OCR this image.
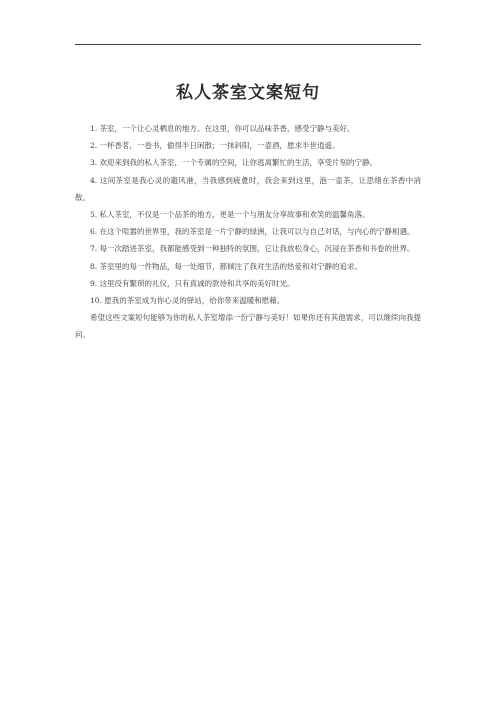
私人茶室文案短句

1. 茶室，一个让心灵栖息的地方。在这里，你可以品味茶香，感受宁静与美好。

2. 一杯香茗，一卷书，偷得半日闲散；一抹斜阳，一壶酒，愿求半世逍遥。

3. 欢迎来到我的私人茶室，一个专属的空间，让你逃离繁忙的生活，享受片刻的宁静。

4. 这间茶室是我心灵的避风港，当我感到疲惫时，我会来到这里，泡一壶茶，让思绪在茶香中消散。

5. 私人茶室，不仅是一个品茶的地方，更是一个与朋友分享故事和欢笑的温馨角落。

6. 在这个喧嚣的世界里，我的茶室是一片宁静的绿洲，让我可以与自己对话，与内心的宁静相遇。

7. 每一次踏进茶室，我都能感受到一种独特的氛围，它让我放松身心，沉浸在茶香和书卷的世界。

8. 茶室里的每一件物品，每一处细节，都倾注了我对生活的热爱和对宁静的追求。

9. 这里没有繁琐的礼仪，只有真诚的款待和共享的美好时光。

10. 愿我的茶室成为你心灵的驿站，给你带来温暖和慰藉。

希望这些文案短句能够为你的私人茶室增添一份宁静与美好！如果你还有其他需求，可以继续向我提问。
